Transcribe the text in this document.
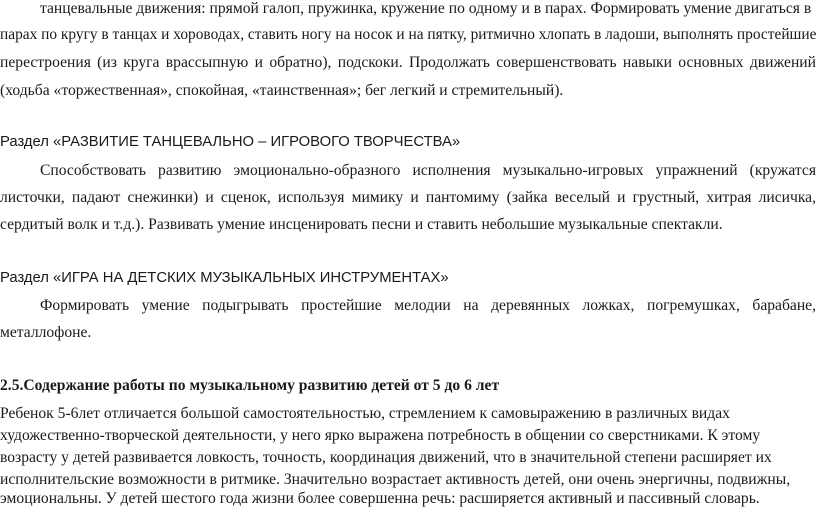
танцевальные движения: прямой галоп, пружинка, кружение по одному и в парах. Формировать умение двигаться в
парах по кругу в танцах и хороводах, ставить ногу на носок и на пятку, ритмично хлопать в ладоши, выполнять простейшие
перестроения (из круга врассыпную и обратно), подскоки. Продолжать совершенствовать навыки основных движений
(ходьба «торжественная», спокойная, «таинственная»; бег легкий и стремительный).
Раздел «РАЗВИТИЕ ТАНЦЕВАЛЬНО – ИГРОВОГО ТВОРЧЕСТВА»
Способствовать развитию эмоционально-образного исполнения музыкально-игровых упражнений (кружатся
листочки, падают снежинки) и сценок, используя мимику и пантомиму (зайка веселый и грустный, хитрая лисичка,
сердитый волк и т.д.). Развивать умение инсценировать песни и ставить небольшие музыкальные спектакли.
Раздел «ИГРА НА ДЕТСКИХ МУЗЫКАЛЬНЫХ ИНСТРУМЕНТАХ»
Формировать умение подыгрывать простейшие мелодии на деревянных ложках, погремушках, барабане,
металлофоне.
2.5.Содержание работы по музыкальному развитию детей от 5 до 6 лет
Ребенок 5-6лет отличается большой самостоятельностью, стремлением к самовыражению в различных видах
художественно-творческой деятельности, у него ярко выражена потребность в общении со сверстниками. К этому
возрасту у детей развивается ловкость, точность, координация движений, что в значительной степени расширяет их
исполнительские возможности в ритмике. Значительно возрастает активность детей, они очень энергичны, подвижны,
эмоциональны. У детей шестого года жизни более совершенна речь: расширяется активный и пассивный словарь.
